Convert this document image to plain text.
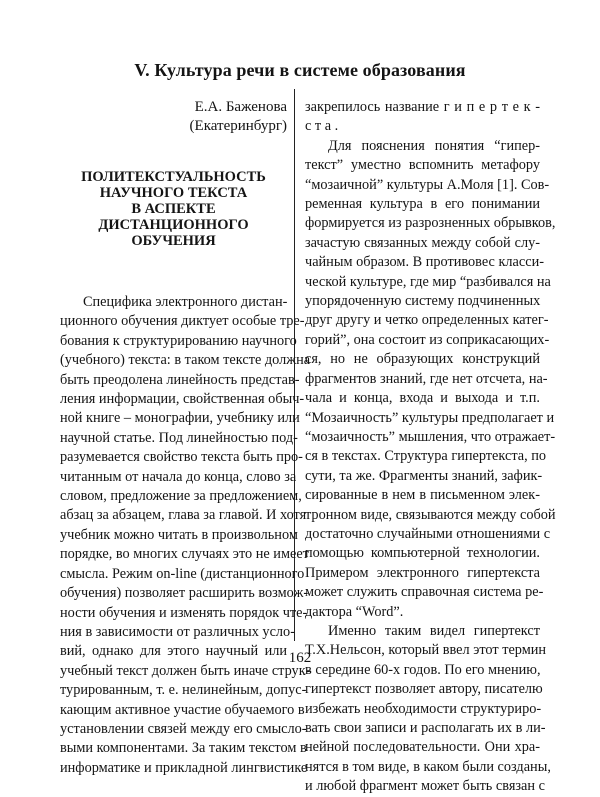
V. Культура речи в системе образования
Е.А. Баженова
(Екатеринбург)
ПОЛИТЕКСТУАЛЬНОСТЬ
НАУЧНОГО ТЕКСТА
В АСПЕКТЕ ДИСТАНЦИОННОГО
ОБУЧЕНИЯ
Специфика электронного дистан-
ционного обучения диктует особые тре-
бования к структурированию научного
(учебного) текста: в таком тексте должна
быть преодолена линейность представ-
ления информации, свойственная обыч-
ной книге – монографии, учебнику или
научной статье. Под линейностью под-
разумевается свойство текста быть про-
читанным от начала до конца, слово за
словом, предложение за предложением,
абзац за абзацем, глава за главой. И хотя
учебник можно читать в произвольном
порядке, во многих случаях это не имеет
смысла. Режим on-line (дистанционного
обучения) позволяет расширить возмож-
ности обучения и изменять порядок чте-
ния в зависимости от различных усло-
вий, однако для этого научный или
учебный текст должен быть иначе струк-
турированным, т. е. нелинейным, допус-
кающим активное участие обучаемого в
установлении связей между его смысло-
выми компонентами. За таким текстом в
информатике и прикладной лингвистике
закрепилось название г и п е р т е к -
с т а .
Для пояснения понятия “гипер-
текст” уместно вспомнить метафору
“мозаичной” культуры А.Моля [1]. Сов-
ременная культура в его понимании
формируется из разрозненных обрывков,
зачастую связанных между собой слу-
чайным образом. В противовес класси-
ческой культуре, где мир “разбивался на
упорядоченную систему подчиненных
друг другу и четко определенных катег-
горий”, она состоит из соприкасающих-
ся, но не образующих конструкций
фрагментов знаний, где нет отсчета, на-
чала и конца, входа и выхода и т.п.
“Мозаичность” культуры предполагает и
“мозаичность” мышления, что отражает-
ся в текстах. Структура гипертекста, по
сути, та же. Фрагменты знаний, зафик-
сированные в нем в письменном элек-
тронном виде, связываются между собой
достаточно случайными отношениями с
помощью компьютерной технологии.
Примером электронного гипертекста
может служить справочная система ре-
дактора “Word”.
Именно таким видел гипертекст
Т.Х.Нельсон, который ввел этот термин
в середине 60-х годов. По его мнению,
гипертекст позволяет автору, писателю
избежать необходимости структуриро-
вать свои записи и располагать их в ли-
нейной последовательности. Они хра-
нятся в том виде, в каком были созданы,
и любой фрагмент может быть связан с
162
